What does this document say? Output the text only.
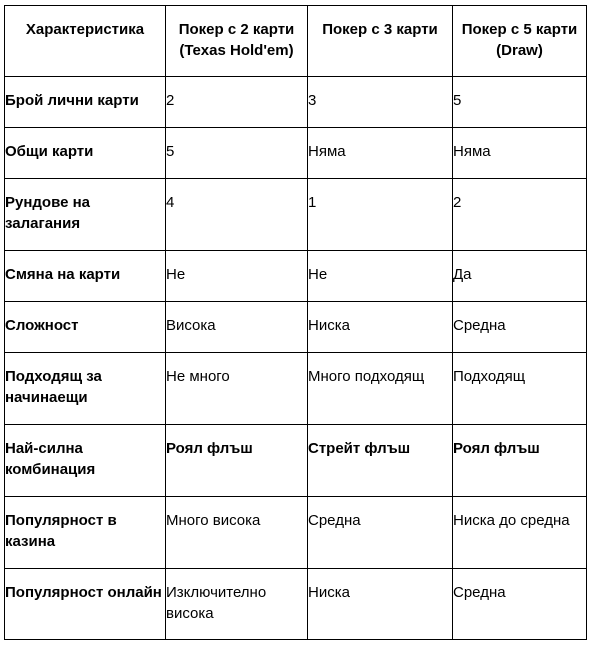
Характеристика	Покер с 2 карти (Texas Hold'em)	Покер с 3 карти	Покер с 5 карти (Draw)
Брой лични карти	2	3	5
Общи карти	5	Няма	Няма
Рундове на залагания	4	1	2
Смяна на карти	Не	Не	Да
Сложност	Висока	Ниска	Средна
Подходящ за начинаещи	Не много	Много подходящ	Подходящ
Най-силна комбинация	Роял флъш	Стрейт флъш	Роял флъш
Популярност в казина	Много висока	Средна	Ниска до средна
Популярност онлайн	Изключително висока	Ниска	Средна
